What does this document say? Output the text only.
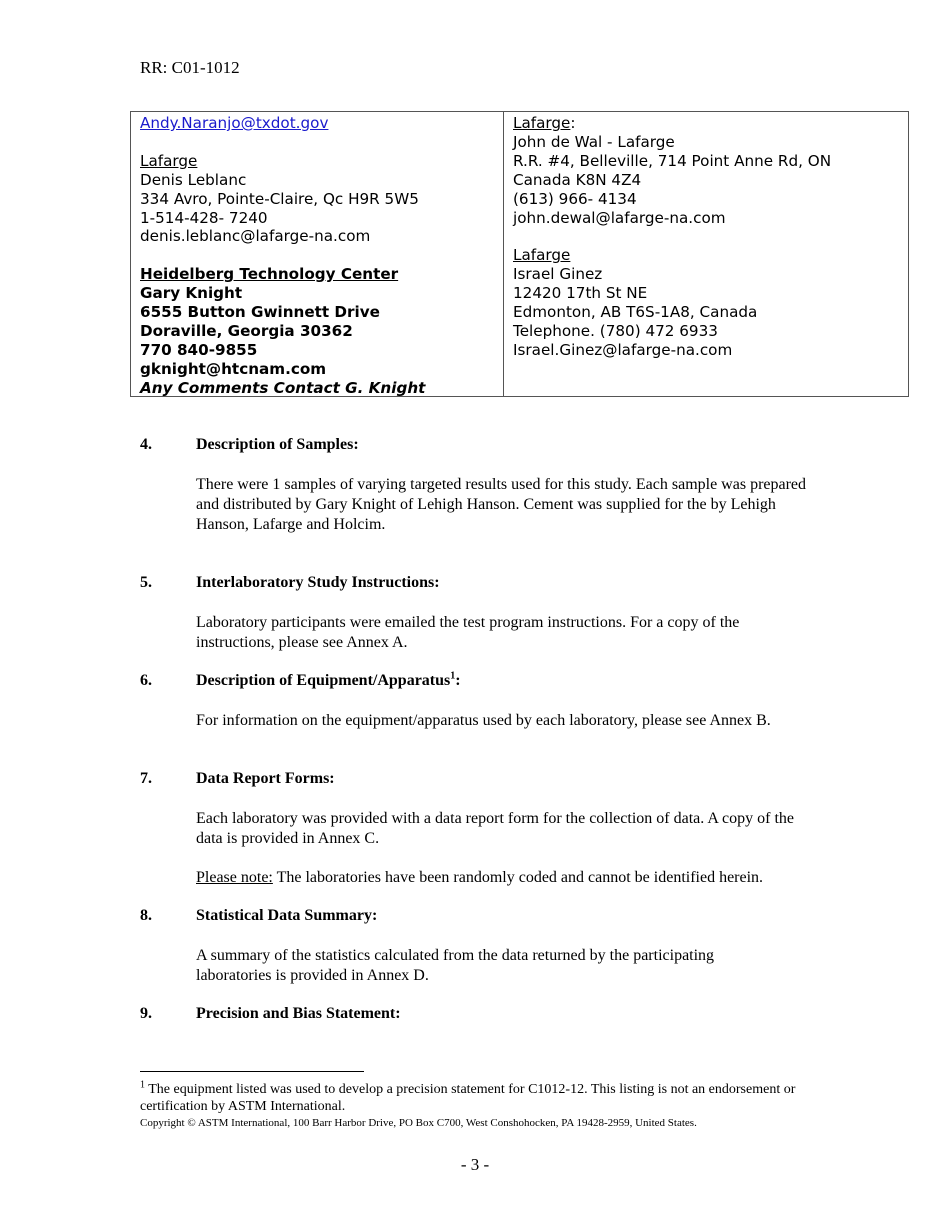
RR: C01-1012
Andy.Naranjo@txdot.gov
Lafarge
Denis Leblanc
334 Avro, Pointe-Claire, Qc H9R 5W5
1-514-428- 7240
denis.leblanc@lafarge-na.com
Heidelberg Technology Center
Gary Knight
6555 Button Gwinnett Drive
Doraville, Georgia 30362
770 840-9855
gknight@htcnam.com
Any Comments Contact G. Knight
Lafarge:
John de Wal - Lafarge
R.R. #4, Belleville, 714 Point Anne Rd, ON
Canada K8N 4Z4
(613) 966- 4134
john.dewal@lafarge-na.com
Lafarge
Israel Ginez
12420 17th St NE
Edmonton, AB T6S-1A8, Canada
Telephone. (780) 472 6933
Israel.Ginez@lafarge-na.com
4.	Description of Samples:
There were 1 samples of varying targeted results used for this study. Each sample was prepared and distributed by Gary Knight of Lehigh Hanson. Cement was supplied for the by Lehigh Hanson, Lafarge and Holcim.
5.	Interlaboratory Study Instructions:
Laboratory participants were emailed the test program instructions. For a copy of the instructions, please see Annex A.
6.	Description of Equipment/Apparatus$^1$:
For information on the equipment/apparatus used by each laboratory, please see Annex B.
7.	Data Report Forms:
Each laboratory was provided with a data report form for the collection of data. A copy of the data is provided in Annex C.
Please note: The laboratories have been randomly coded and cannot be identified herein.
8.	Statistical Data Summary:
A summary of the statistics calculated from the data returned by the participating laboratories is provided in Annex D.
9.	Precision and Bias Statement:
$^1$ The equipment listed was used to develop a precision statement for C1012-12. This listing is not an endorsement or certification by ASTM International.
Copyright © ASTM International, 100 Barr Harbor Drive, PO Box C700, West Conshohocken, PA 19428-2959, United States.
- 3 -
